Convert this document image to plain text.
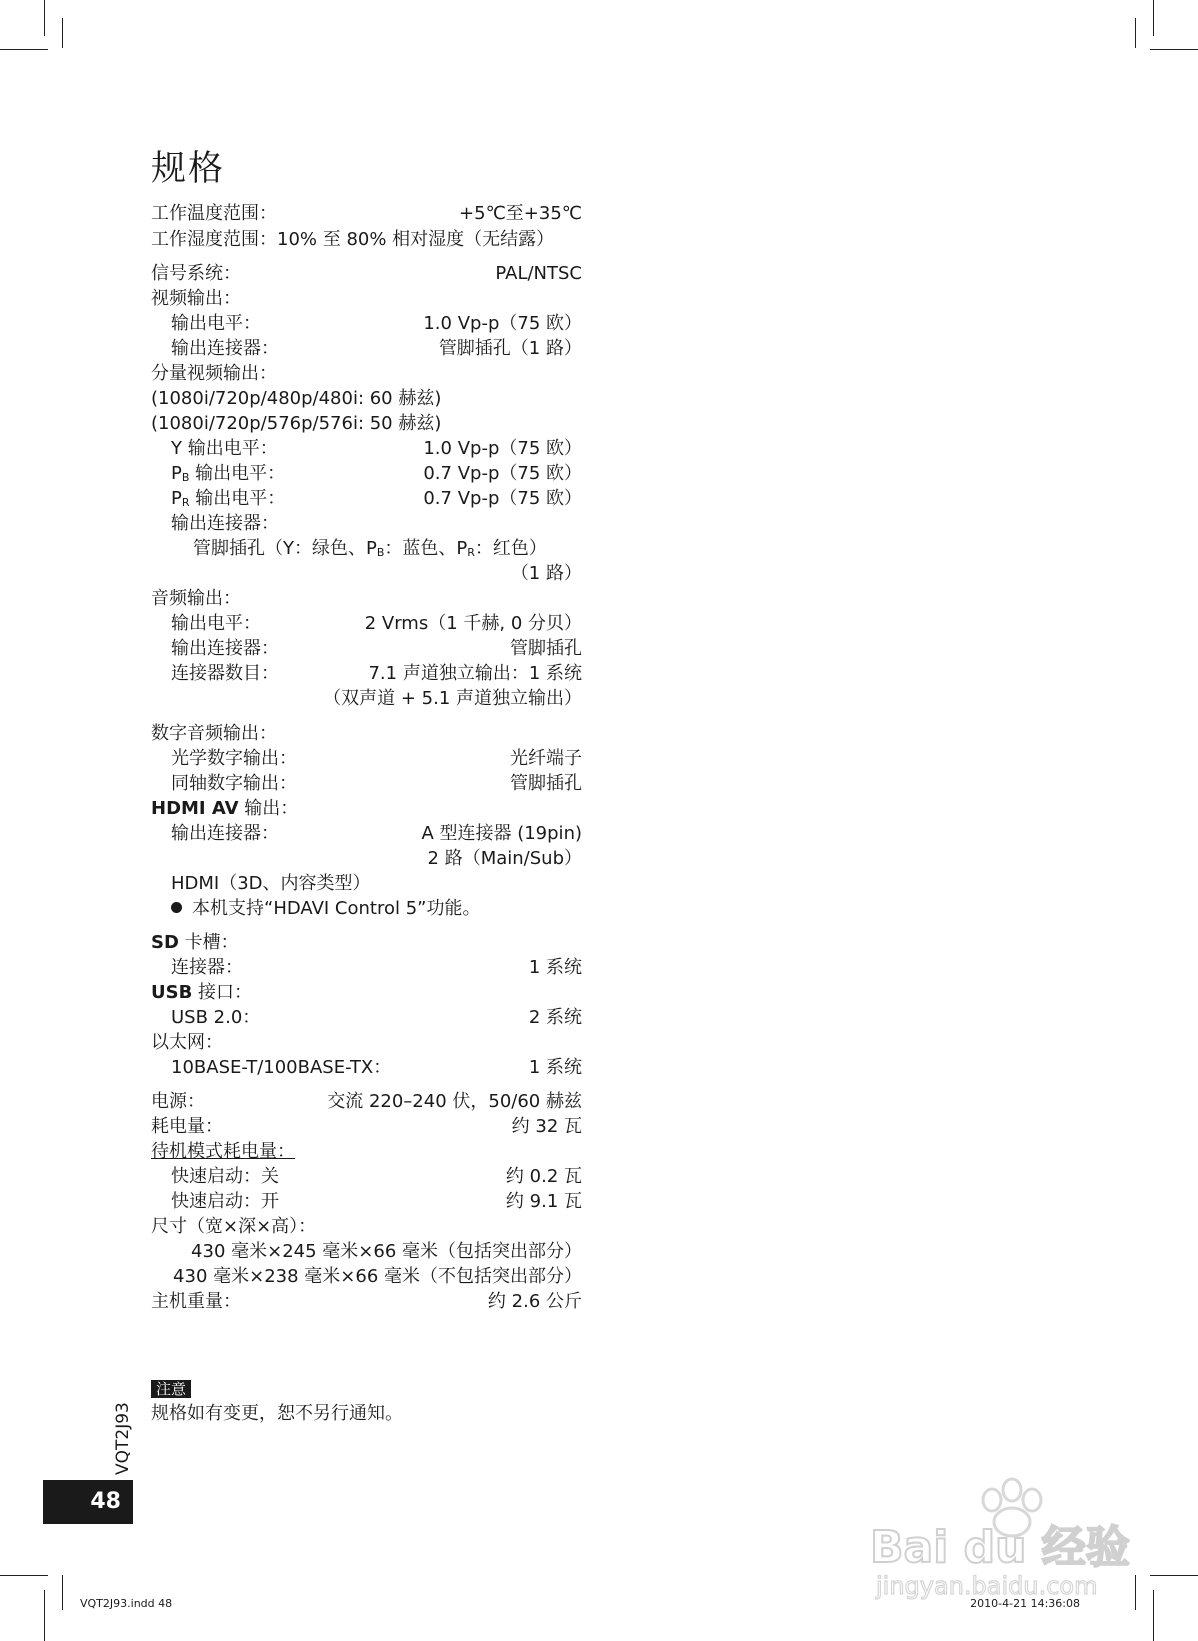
规格
工作温度范围：	+5℃至+35℃
工作湿度范围：10% 至 80% 相对湿度（无结露）
信号系统：	PAL/NTSC
视频输出：
输出电平：	1.0 Vp-p（75 欧）
输出连接器：	管脚插孔（1 路）
分量视频输出：
(1080i/720p/480p/480i: 60 赫兹)
(1080i/720p/576p/576i: 50 赫兹)
Y 输出电平：	1.0 Vp-p（75 欧）
$P_B$ 输出电平：	0.7 Vp-p（75 欧）
$P_R$ 输出电平：	0.7 Vp-p（75 欧）
输出连接器：
管脚插孔（Y：绿色、$P_B$：蓝色、$P_R$：红色）
（1 路）
音频输出：
输出电平：	2 Vrms（1 千赫, 0 分贝）
输出连接器：	管脚插孔
连接器数目：	7.1 声道独立输出：1 系统
（双声道 + 5.1 声道独立输出）
数字音频输出：
光学数字输出：	光纤端子
同轴数字输出：	管脚插孔
HDMI AV 输出：
输出连接器：	A 型连接器 (19pin)
2 路（Main/Sub）
HDMI（3D、内容类型）
本机支持“HDAVI Control 5”功能。
SD 卡槽：
连接器：	1 系统
USB 接口：
USB 2.0：	2 系统
以太网：
10BASE-T/100BASE-TX：	1 系统
电源：	交流 220–240 伏，50/60 赫兹
耗电量：	约 32 瓦
待机模式耗电量：
快速启动：关	约 0.2 瓦
快速启动：开	约 9.1 瓦
尺寸（宽×深×高）：
430 毫米×245 毫米×66 毫米（包括突出部分）
430 毫米×238 毫米×66 毫米（不包括突出部分）
主机重量：	约 2.6 公斤
注意
规格如有变更，恕不另行通知。
VQT2J93
48
VQT2J93.indd 48	2010-4-21 14:36:08
Bai du 经验
jingyan.baidu.com
